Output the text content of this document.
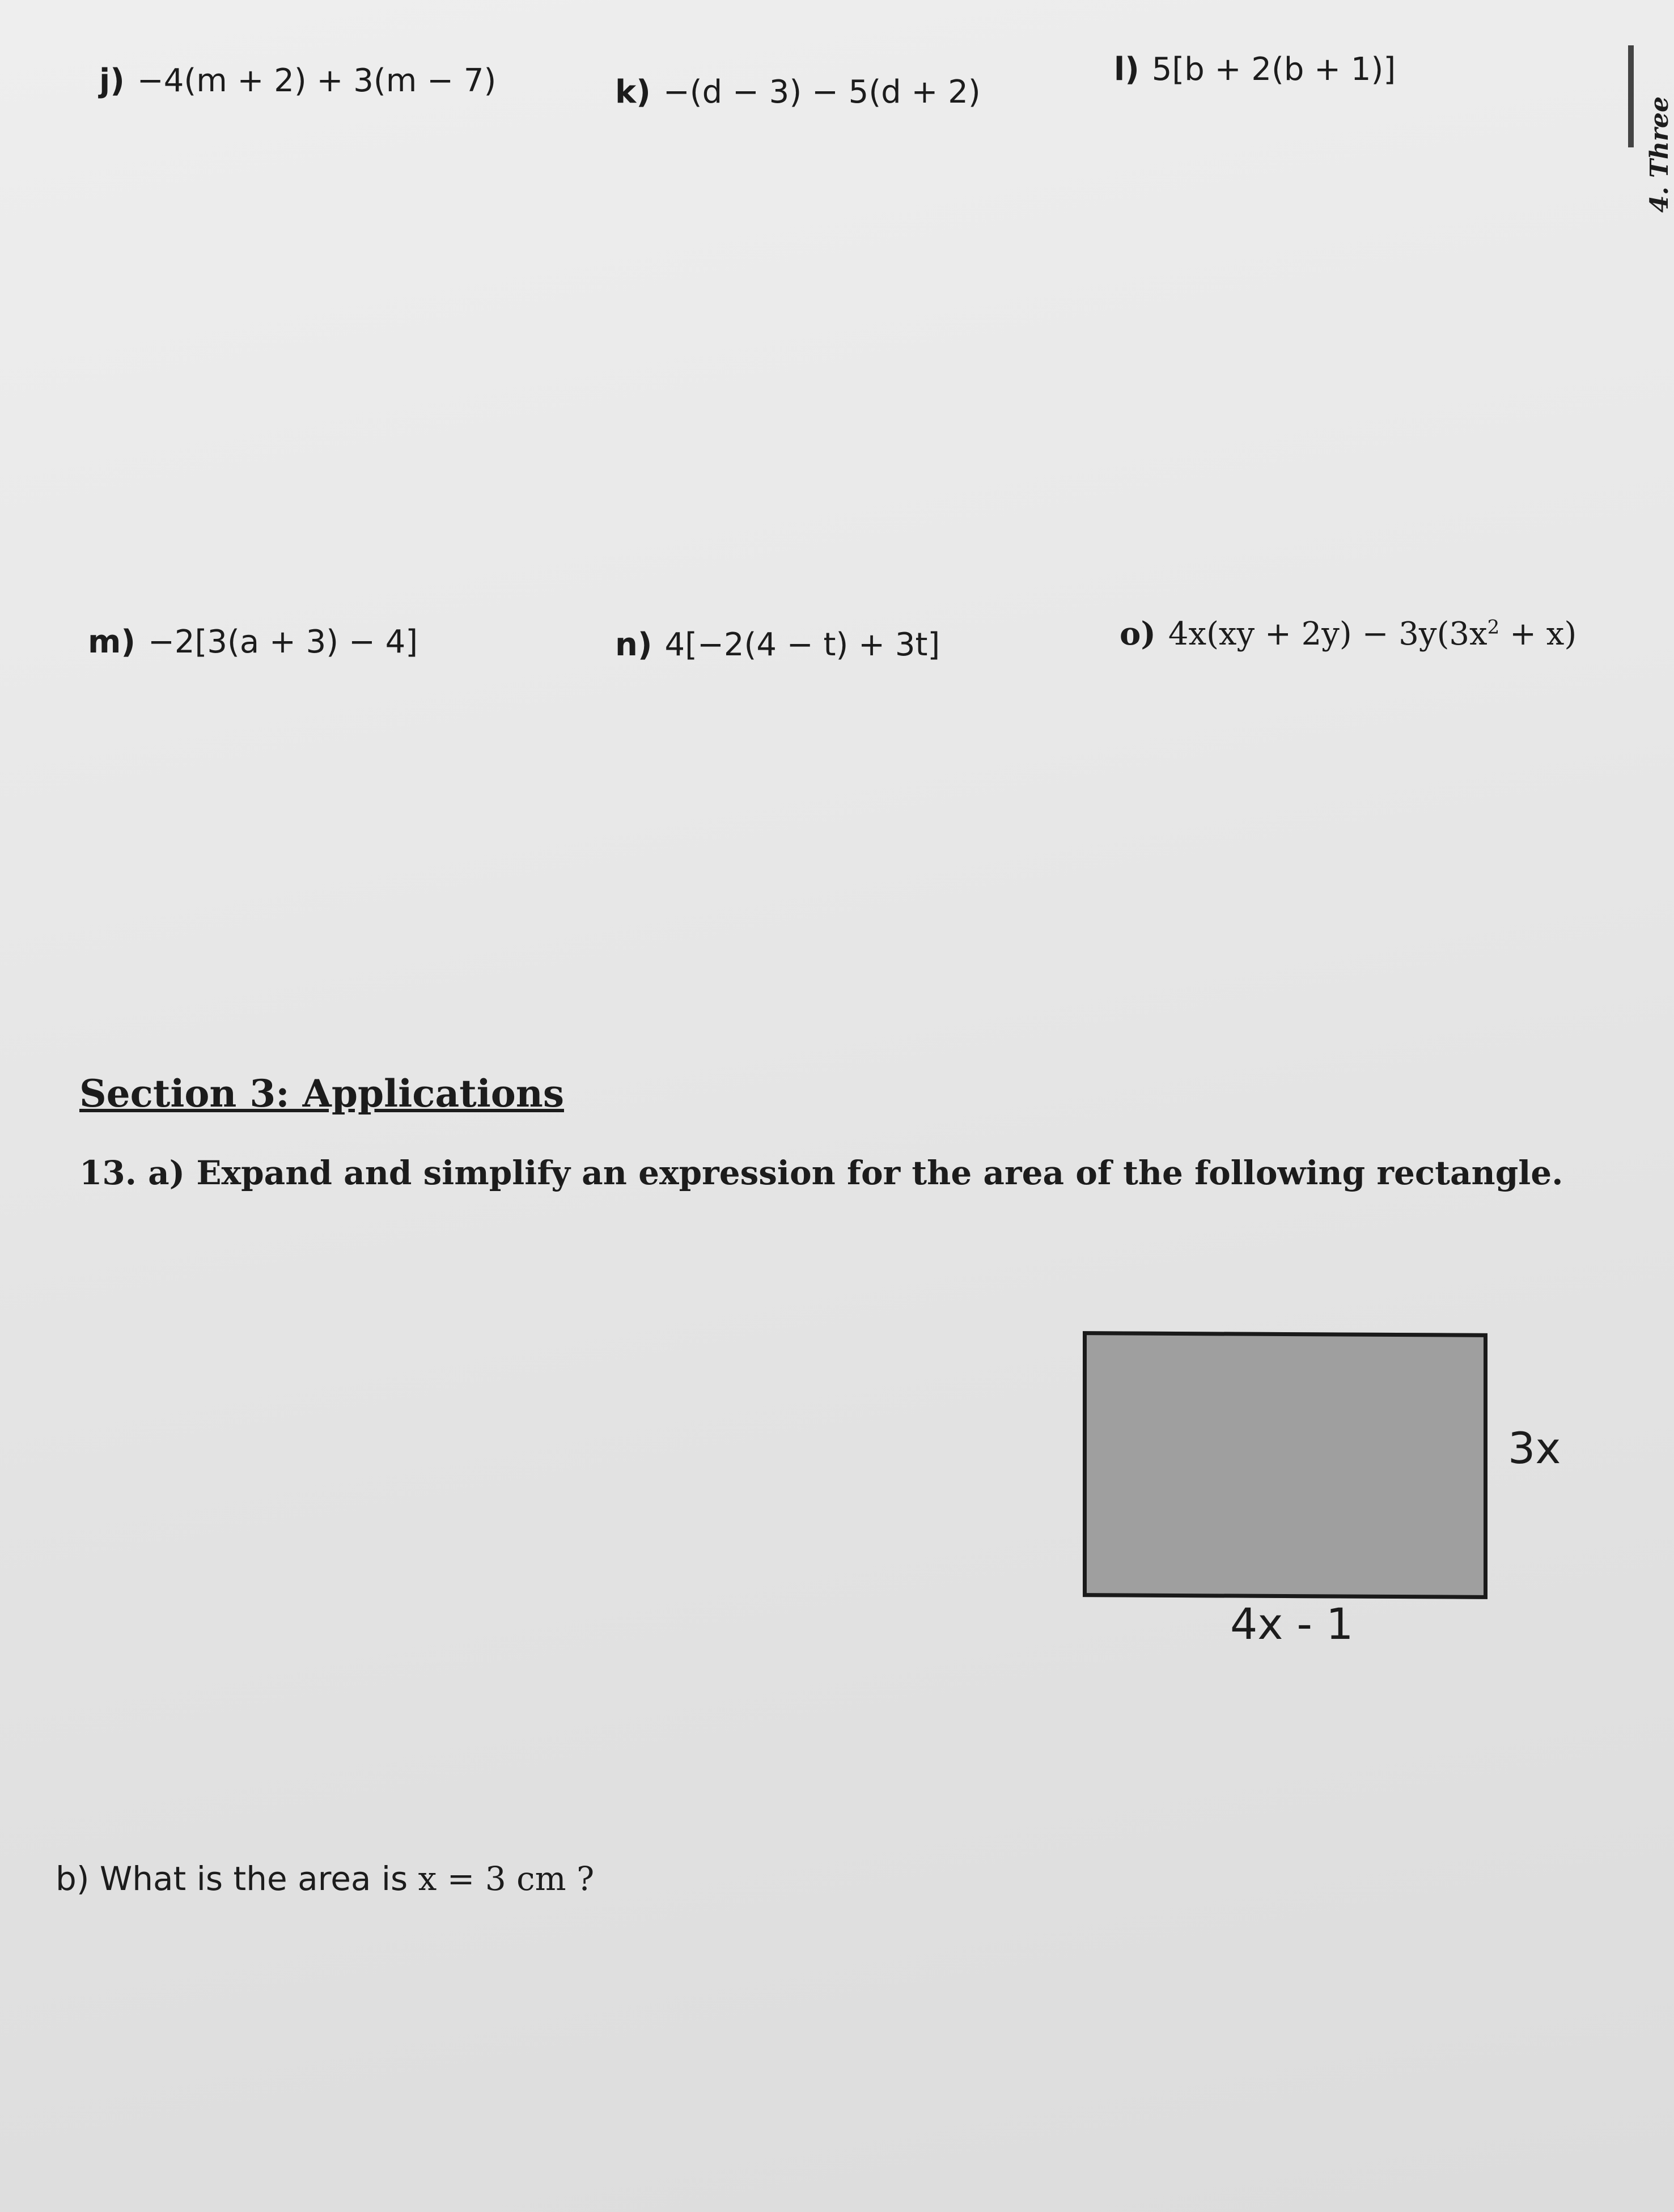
j) −4(m + 2) + 3(m − 7)	k) −(d − 3) − 5(d + 2)
l) 5[b + 2(b + 1)]
m) −2[3(a + 3) − 4]	n) 4[−2(4 − t) + 3t]	o) $4x(xy + 2y) - 3y(3x^2 + x)$
Section 3: Applications
13. a) Expand and simplify an expression for the area of the following rectangle.
3x
4x - 1
b) What is the area is x = 3 cm ?
4. Three
